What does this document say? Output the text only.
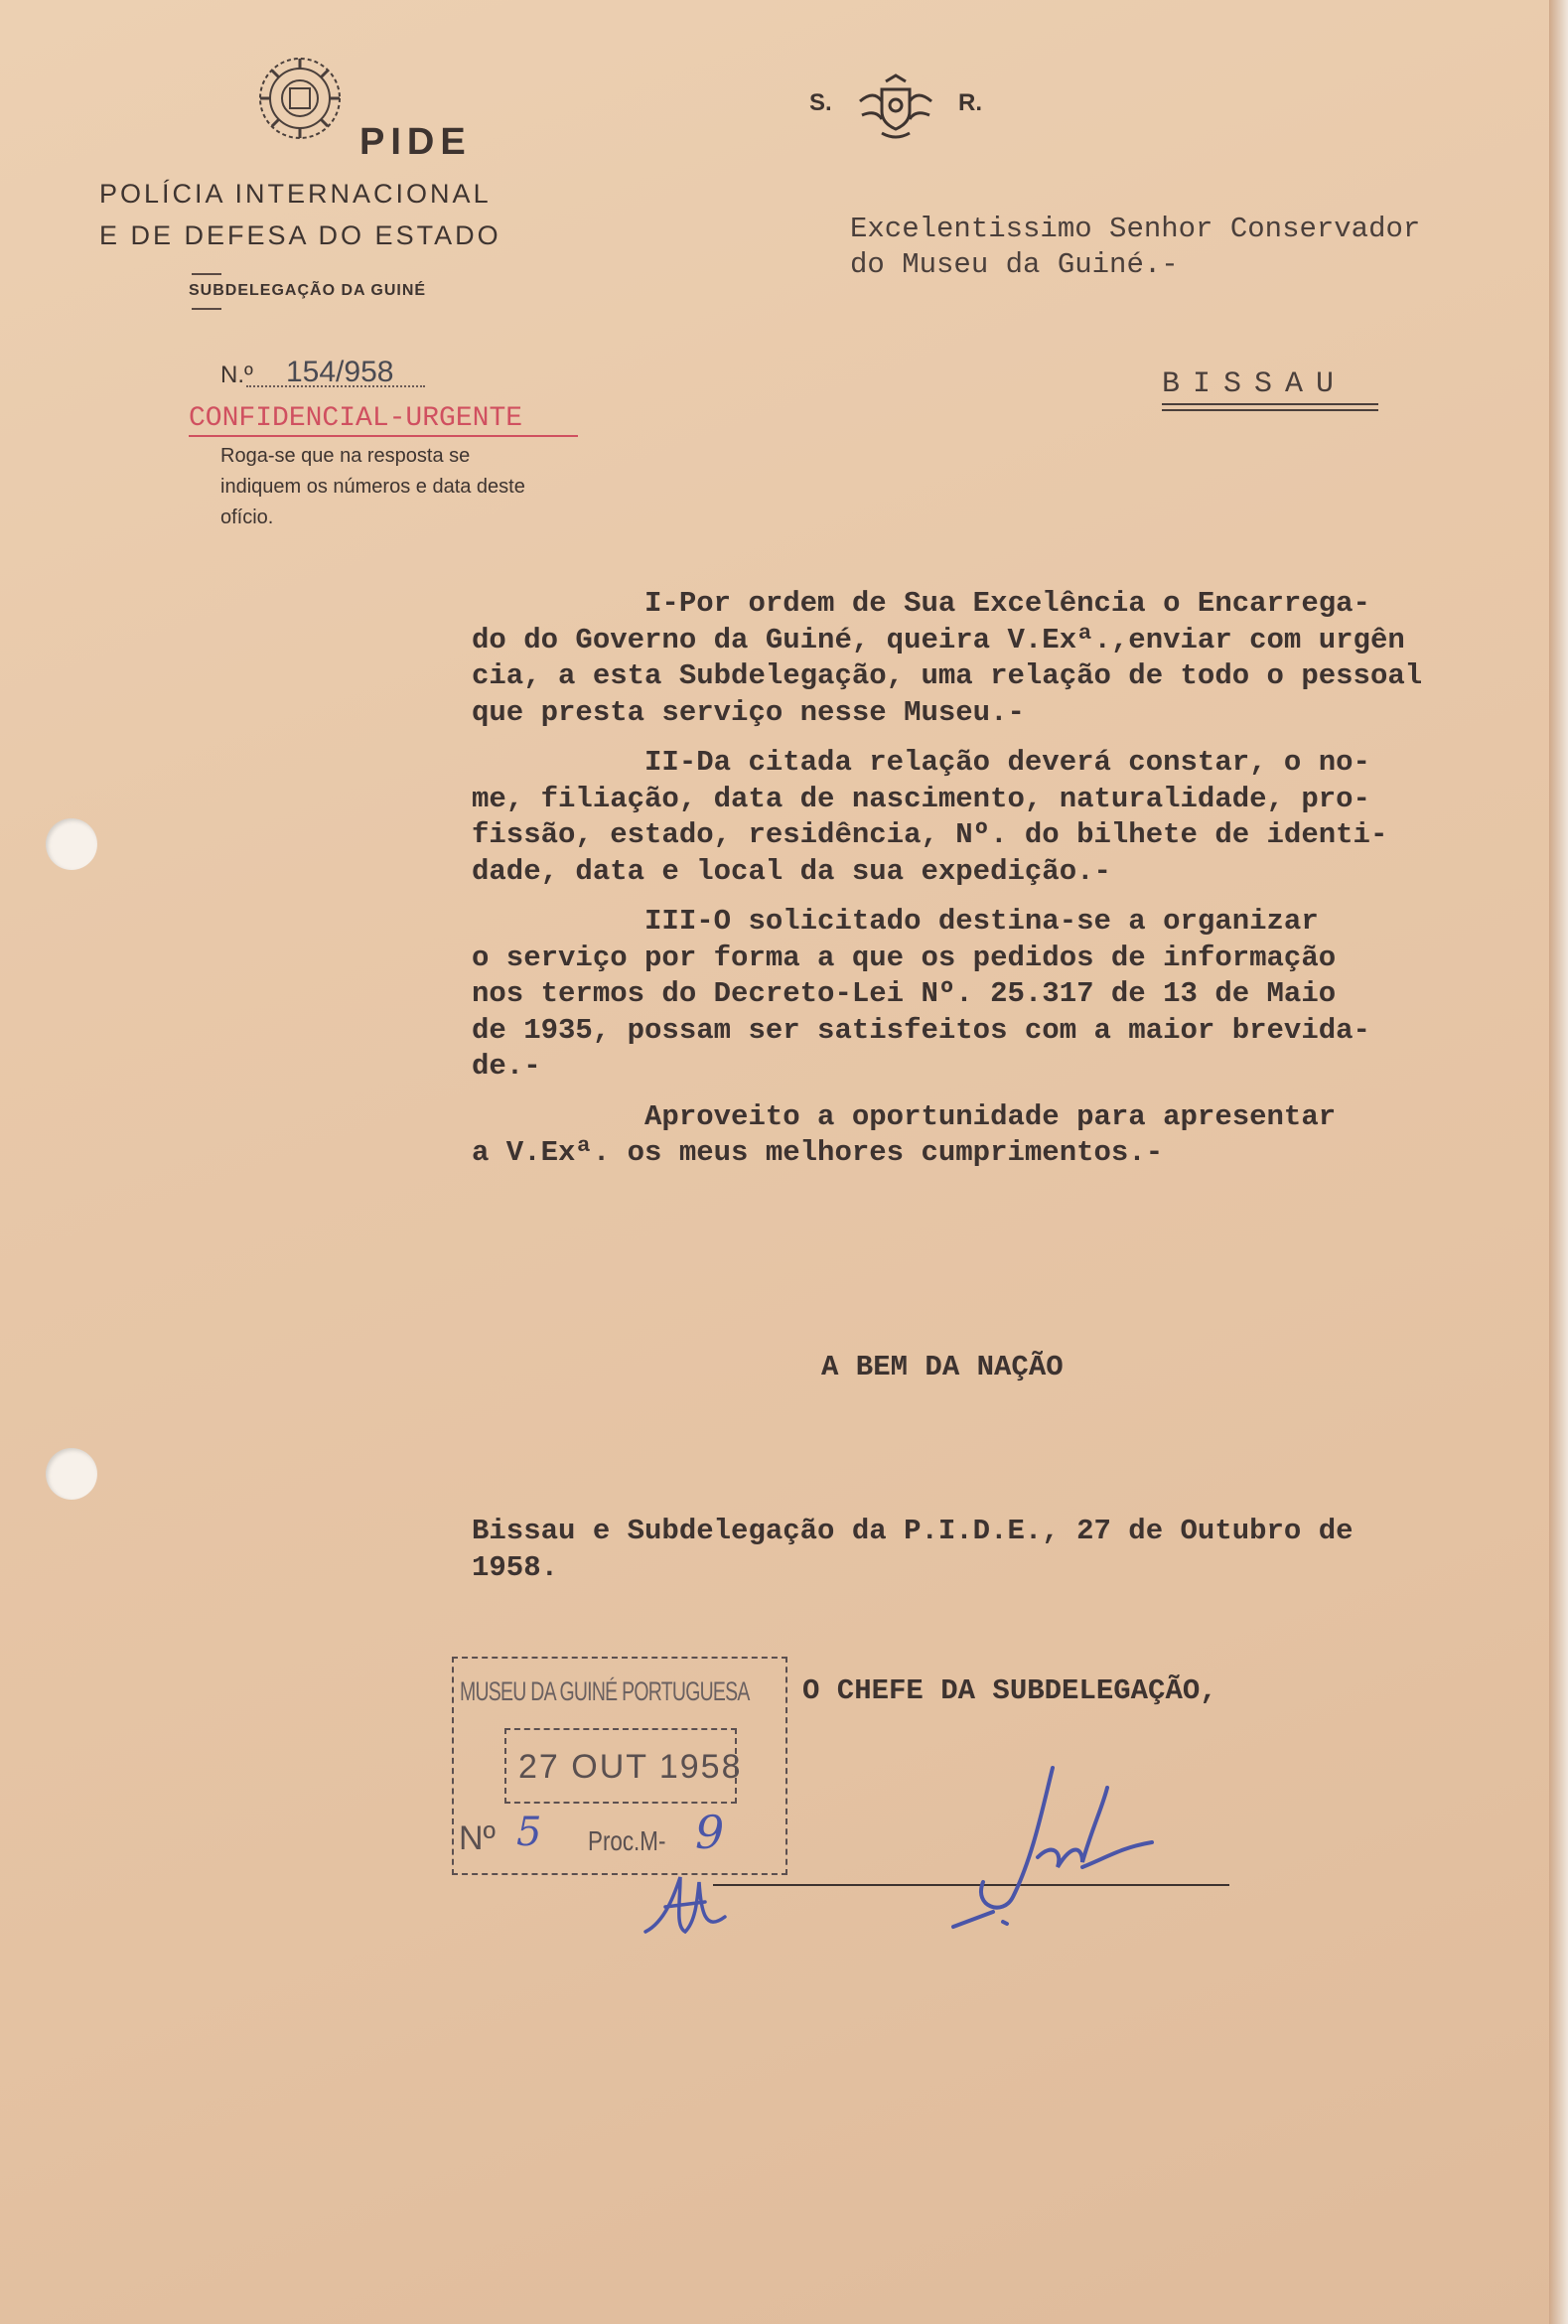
PIDE
POLÍCIA INTERNACIONAL
E DE DEFESA DO ESTADO
SUBDELEGAÇÃO DA GUINÉ
S.	R.
Excelentissimo Senhor Conservador
do Museu da Guiné.-
BISSAU
N.º 154/958
CONFIDENCIAL-URGENTE
Roga-se que na resposta se indiquem os números e data deste ofício.

I-Por ordem de Sua Excelência o Encarrega-
do do Governo da Guiné, queira V.Exª.,enviar com urgên
cia, a esta Subdelegação, uma relação de todo o pessoal
que presta serviço nesse Museu.-

II-Da citada relação deverá constar, o no-
me, filiação, data de nascimento, naturalidade, pro-
fissão, estado, residência, Nº. do bilhete de identi-
dade, data e local da sua expedição.-

III-O solicitado destina-se a organizar
o serviço por forma a que os pedidos de informação
nos termos do Decreto-Lei Nº. 25.317 de 13 de Maio
de 1935, possam ser satisfeitos com a maior brevida-
de.-

Aproveito a oportunidade para apresentar
a V.Exª. os meus melhores cumprimentos.-

A BEM DA NAÇÃO
Bissau e Subdelegação da P.I.D.E., 27 de Outubro de
1958.
O CHEFE DA SUBDELEGAÇÃO,
MUSEU DA GUINÉ PORTUGUESA
27 OUT 1958
Nº 5 Proc.M- 9
